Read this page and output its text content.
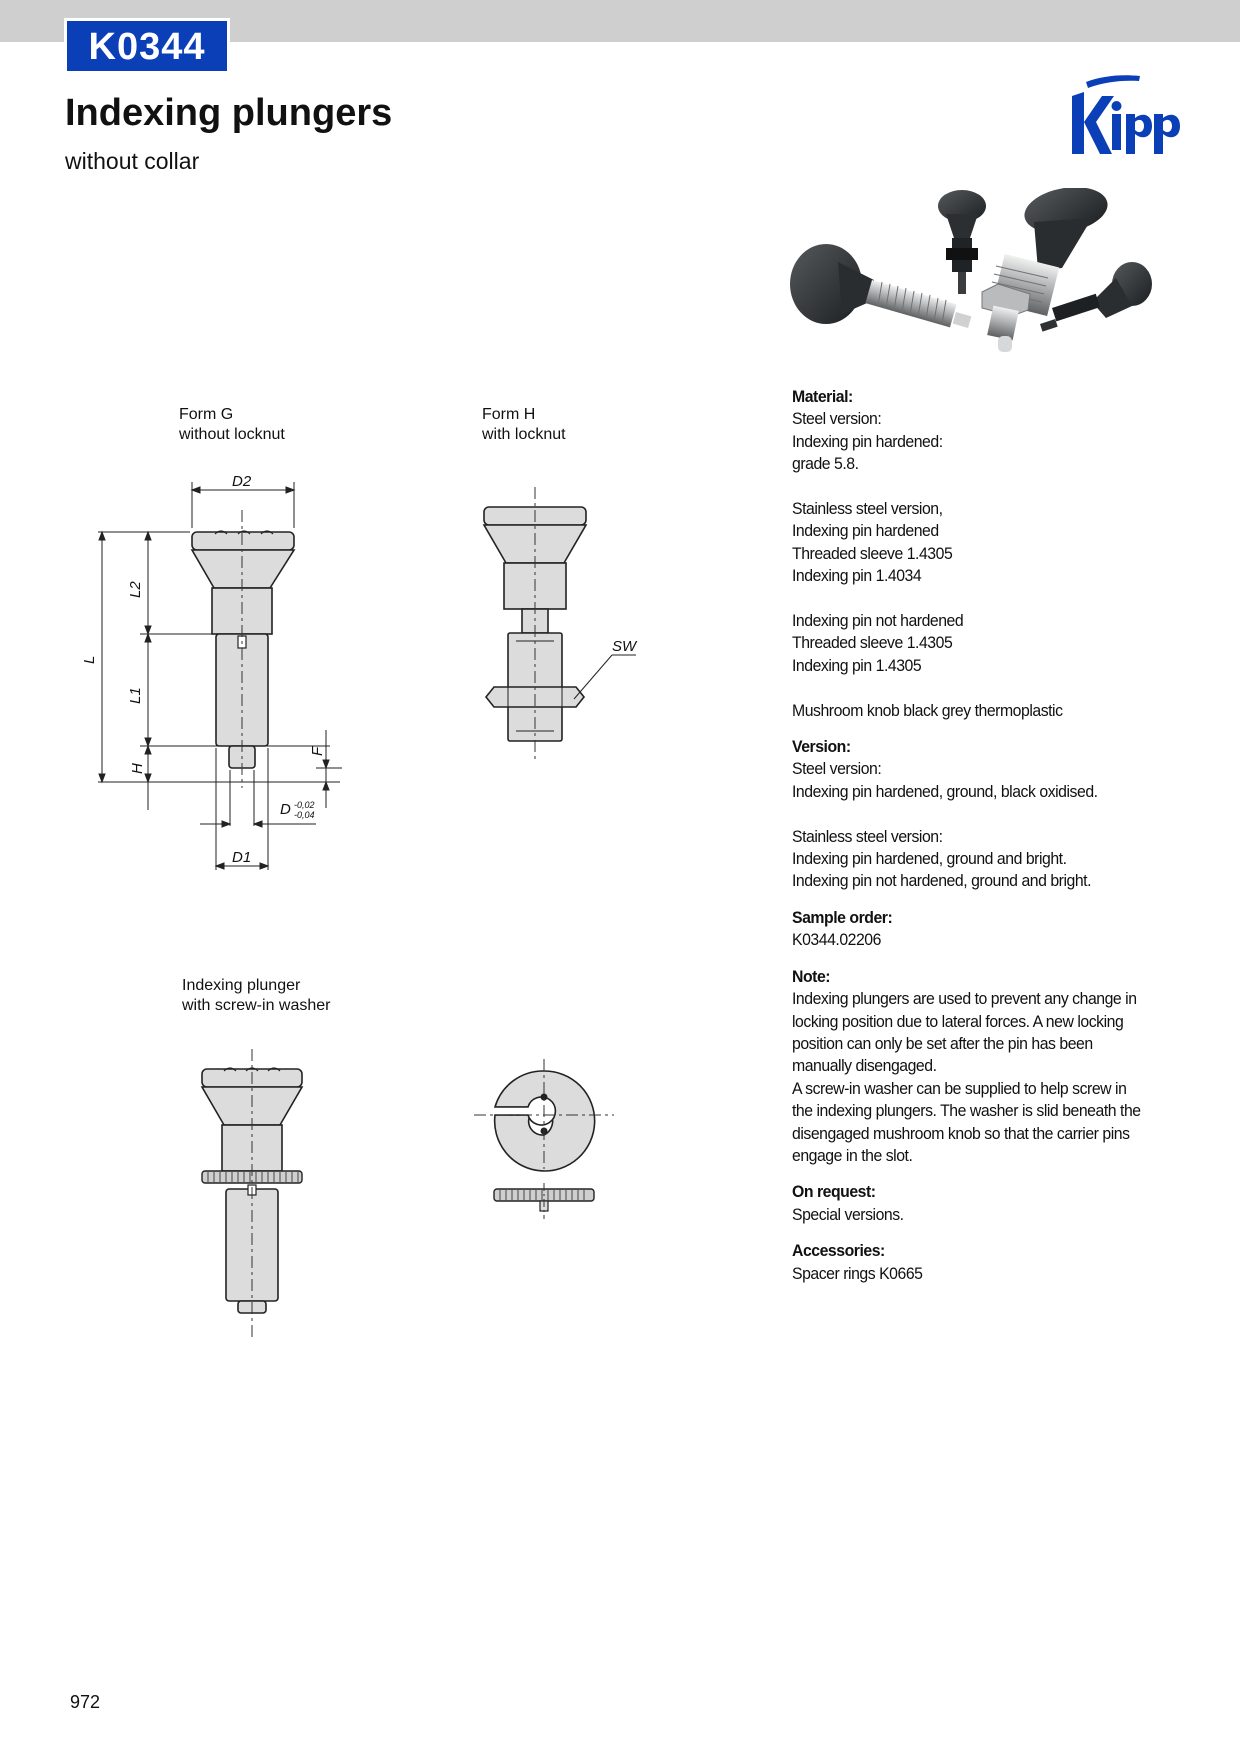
K0344
Indexing plungers
without collar
Form G
without locknut
Form H
with locknut
Indexing plunger
with screw-in washer
D2
L
L2
L1
H
F
D
D1
-0,02
-0,04
SW
Material:

Steel version:

Indexing pin hardened:

grade 5.8.

Stainless steel version,

Indexing pin hardened

Threaded sleeve 1.4305

Indexing pin 1.4034

Indexing pin not hardened

Threaded sleeve 1.4305

Indexing pin 1.4305

Mushroom knob black grey thermoplastic

Version:

Steel version:

Indexing pin hardened, ground, black oxidised.

Stainless steel version:

Indexing pin hardened, ground and bright.

Indexing pin not hardened, ground and bright.

Sample order:

K0344.02206

Note:

Indexing plungers are used to prevent any change in

locking position due to lateral forces. A new locking

position can only be set after the pin has been

manually disengaged.

A screw-in washer can be supplied to help screw in

the indexing plungers. The washer is slid beneath the

disengaged mushroom knob so that the carrier pins

engage in the slot.

On request:

Special versions.

Accessories:

Spacer rings K0665

972
